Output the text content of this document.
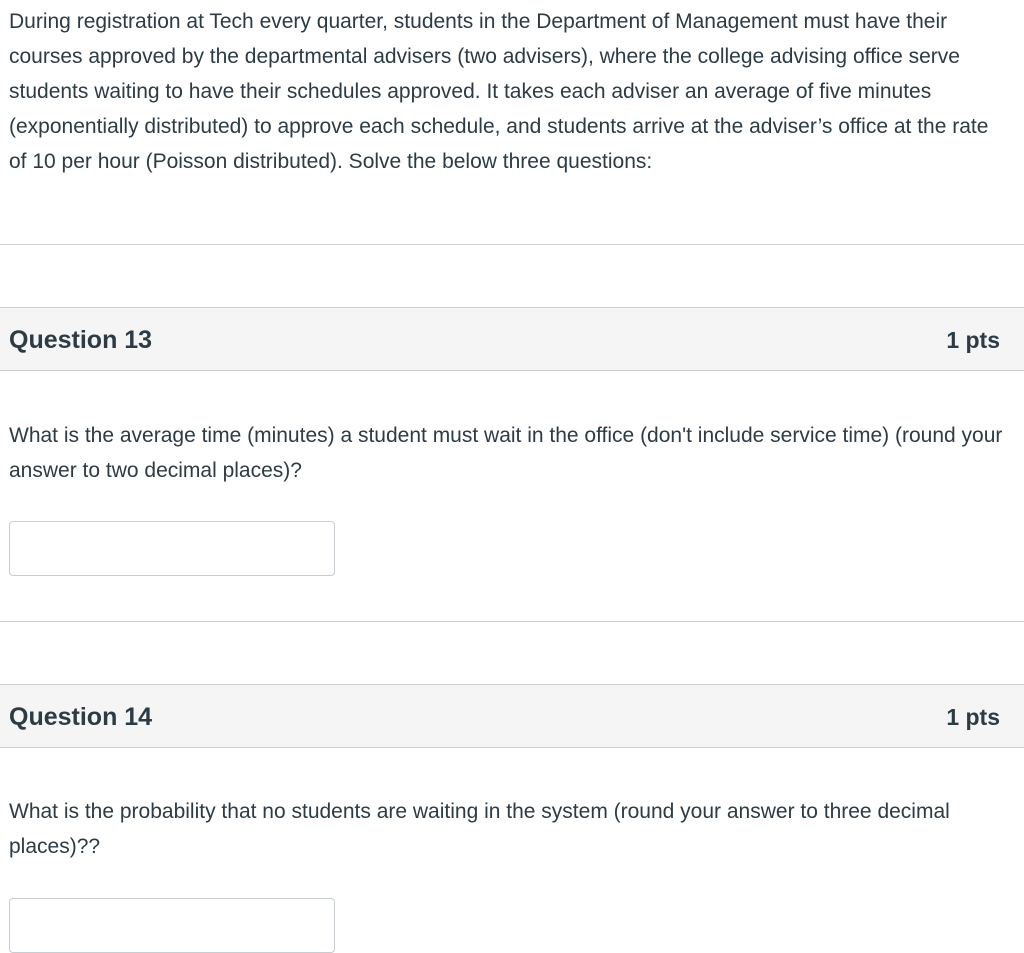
During registration at Tech every quarter, students in the Department of Management must have their courses approved by the departmental advisers (two advisers), where the college advising office serve students waiting to have their schedules approved. It takes each adviser an average of five minutes (exponentially distributed) to approve each schedule, and students arrive at the adviser’s office at the rate of 10 per hour (Poisson distributed). Solve the below three questions:

Question 13	1 pts

What is the average time (minutes) a student must wait in the office (don't include service time) (round your answer to two decimal places)?

Question 14	1 pts

What is the probability that no students are waiting in the system (round your answer to three decimal places)??
